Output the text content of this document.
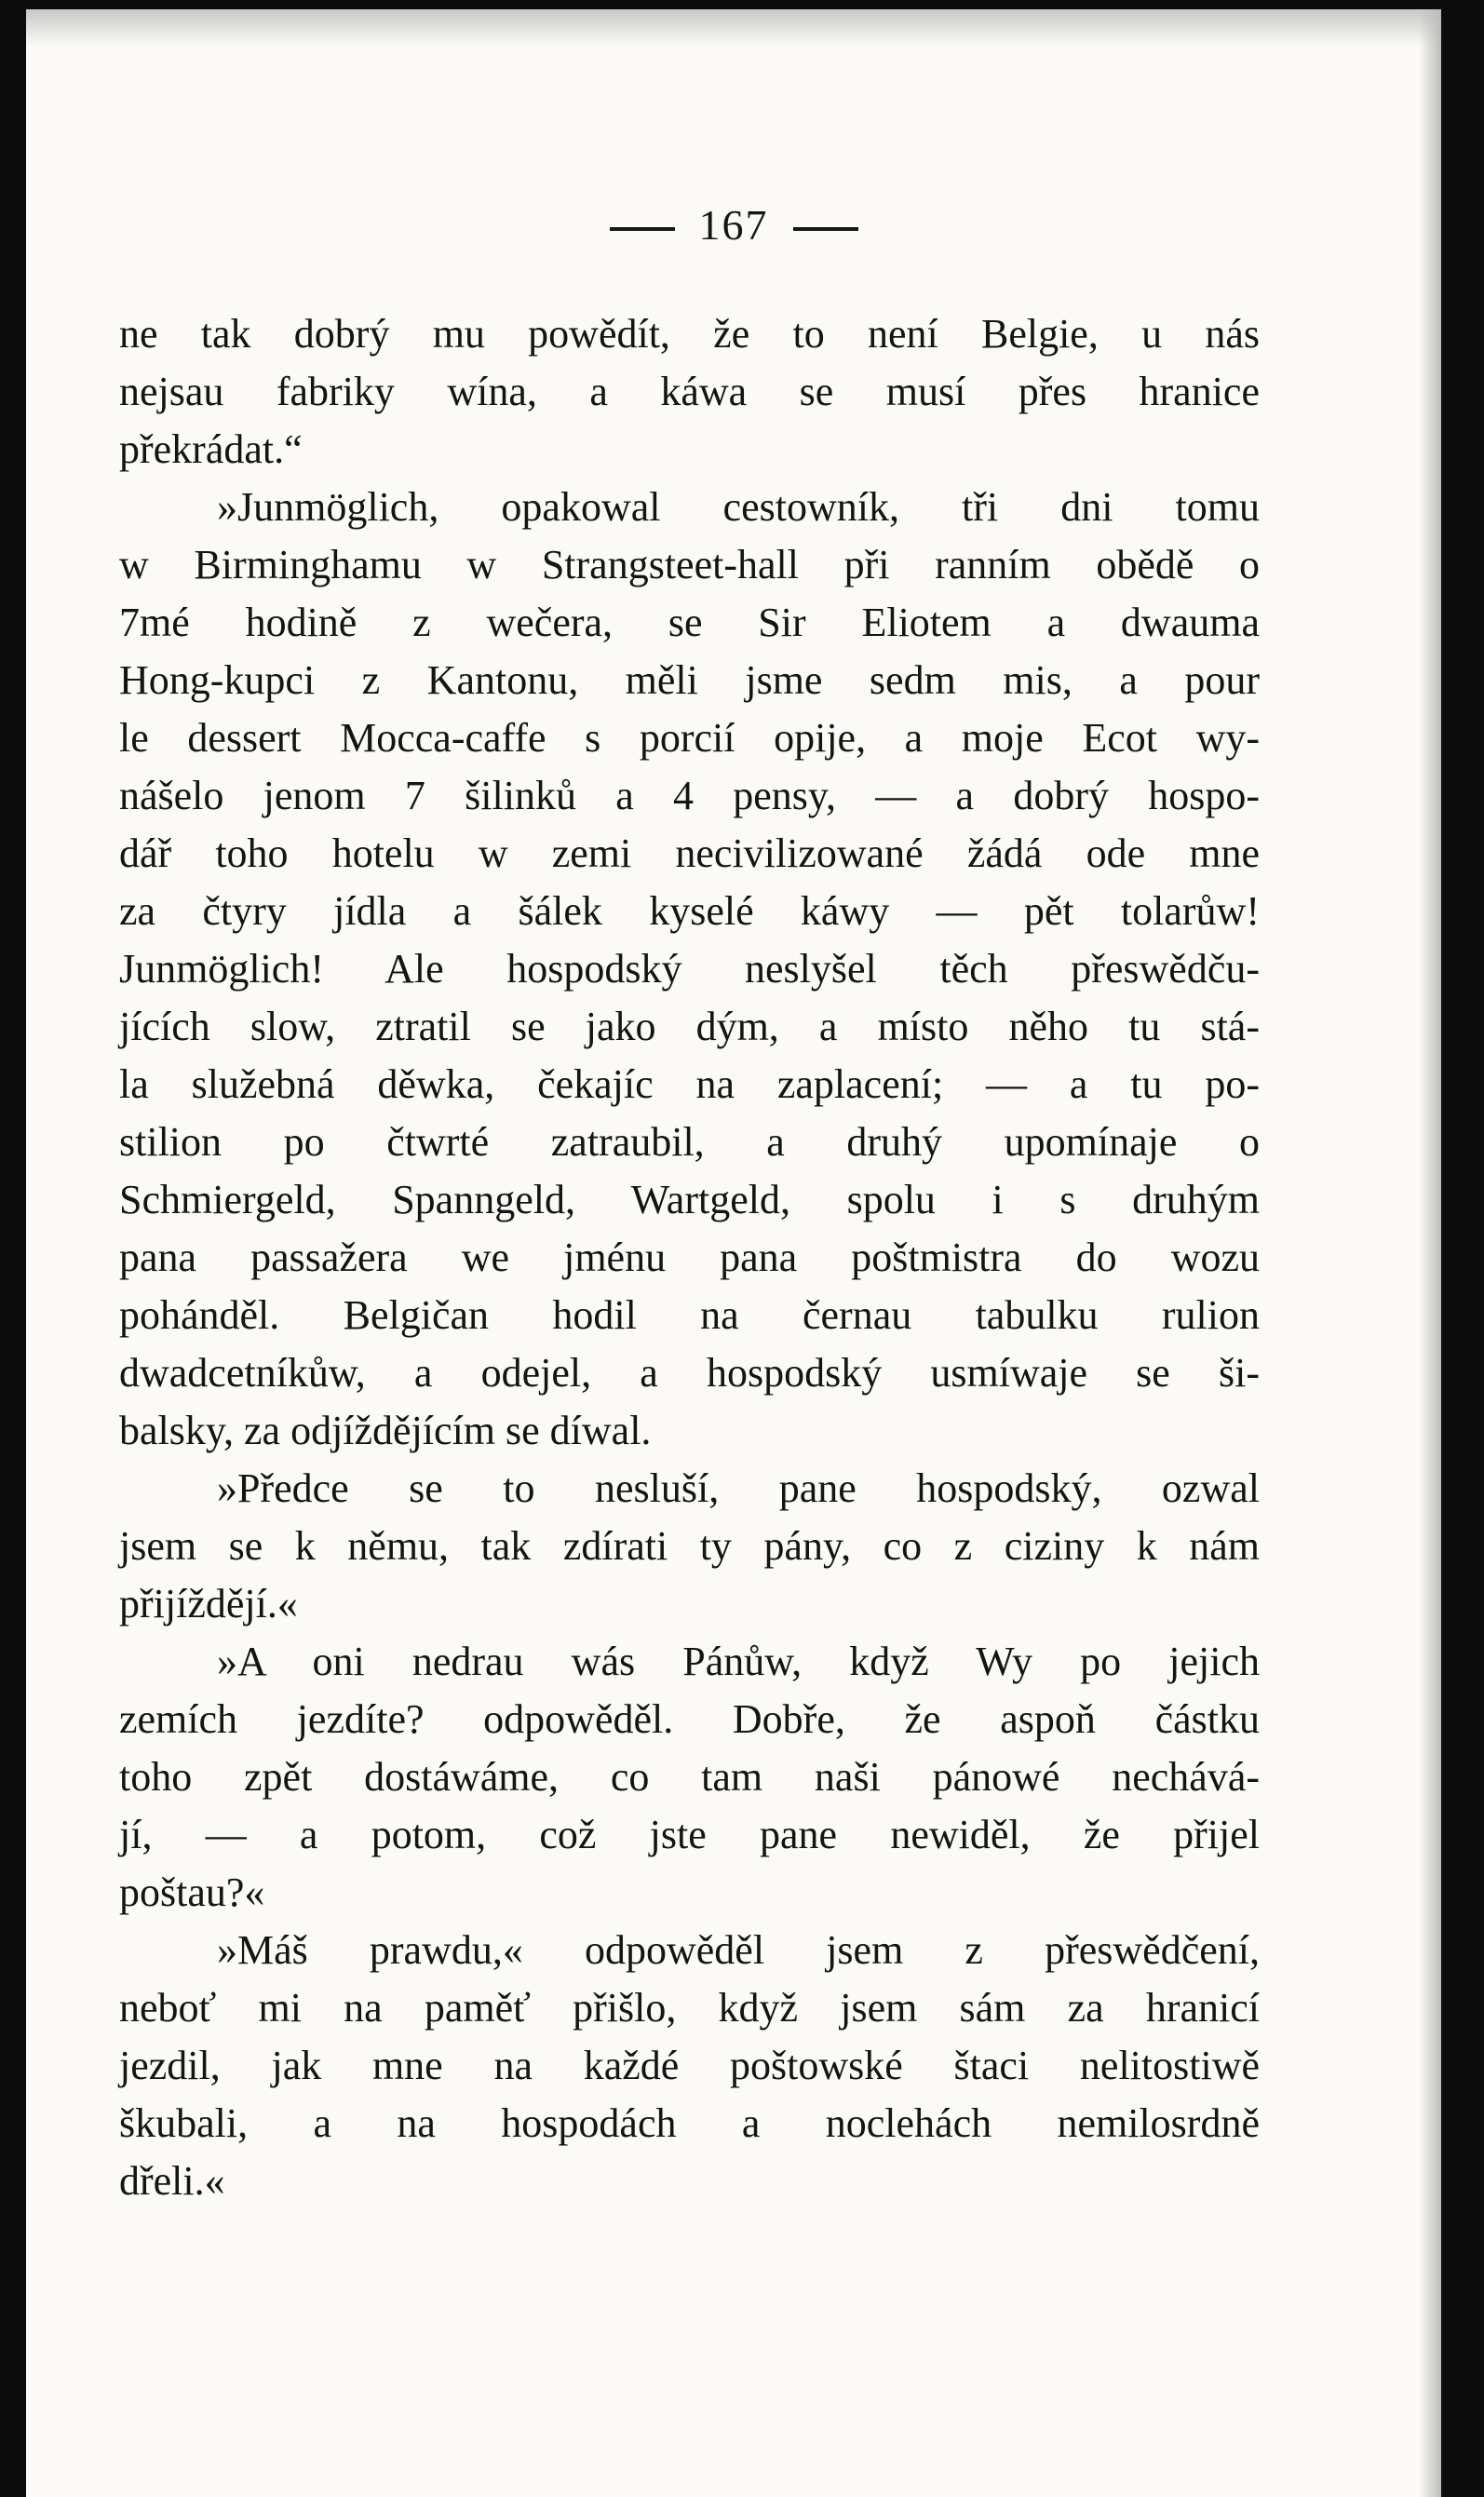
167
ne tak dobrý mu powědít, že to není Belgie, u nás
nejsau fabriky wína, a káwa se musí přes hranice
překrádat.“
»Junmöglich, opakowal cestowník, tři dni tomu
w Birminghamu w Strangsteet-hall při ranním obědě o
7mé hodině z wečera, se Sir Eliotem a dwauma
Hong-kupci z Kantonu, měli jsme sedm mis, a pour
le dessert Mocca-caffe s porcií opije, a moje Ecot wy-
nášelo jenom 7 šilinků a 4 pensy, — a dobrý hospo-
dář toho hotelu w zemi necivilizowané žádá ode mne
za čtyry jídla a šálek kyselé káwy — pět tolarůw!
Junmöglich! Ale hospodský neslyšel těch přeswědču-
jících slow, ztratil se jako dým, a místo něho tu stá-
la služebná děwka, čekajíc na zaplacení; — a tu po-
stilion po čtwrté zatraubil, a druhý upomínaje o
Schmiergeld, Spanngeld, Wartgeld, spolu i s druhým
pana passažera we jménu pana poštmistra do wozu
pohánděl. Belgičan hodil na černau tabulku rulion
dwadcetníkůw, a odejel, a hospodský usmíwaje se ši-
balsky, za odjíždějícím se díwal.
»Předce se to nesluší, pane hospodský, ozwal
jsem se k němu, tak zdírati ty pány, co z ciziny k nám
přijíždějí.«
»A oni nedrau wás Pánůw, když Wy po jejich
zemích jezdíte? odpowěděl. Dobře, že aspoň částku
toho zpět dostáwáme, co tam naši pánowé nechává-
jí, — a potom, což jste pane newiděl, že přijel
poštau?«
»Máš prawdu,« odpowěděl jsem z přeswědčení,
neboť mi na paměť přišlo, když jsem sám za hranicí
jezdil, jak mne na každé poštowské štaci nelitostiwě
škubali, a na hospodách a noclehách nemilosrdně
dřeli.«
